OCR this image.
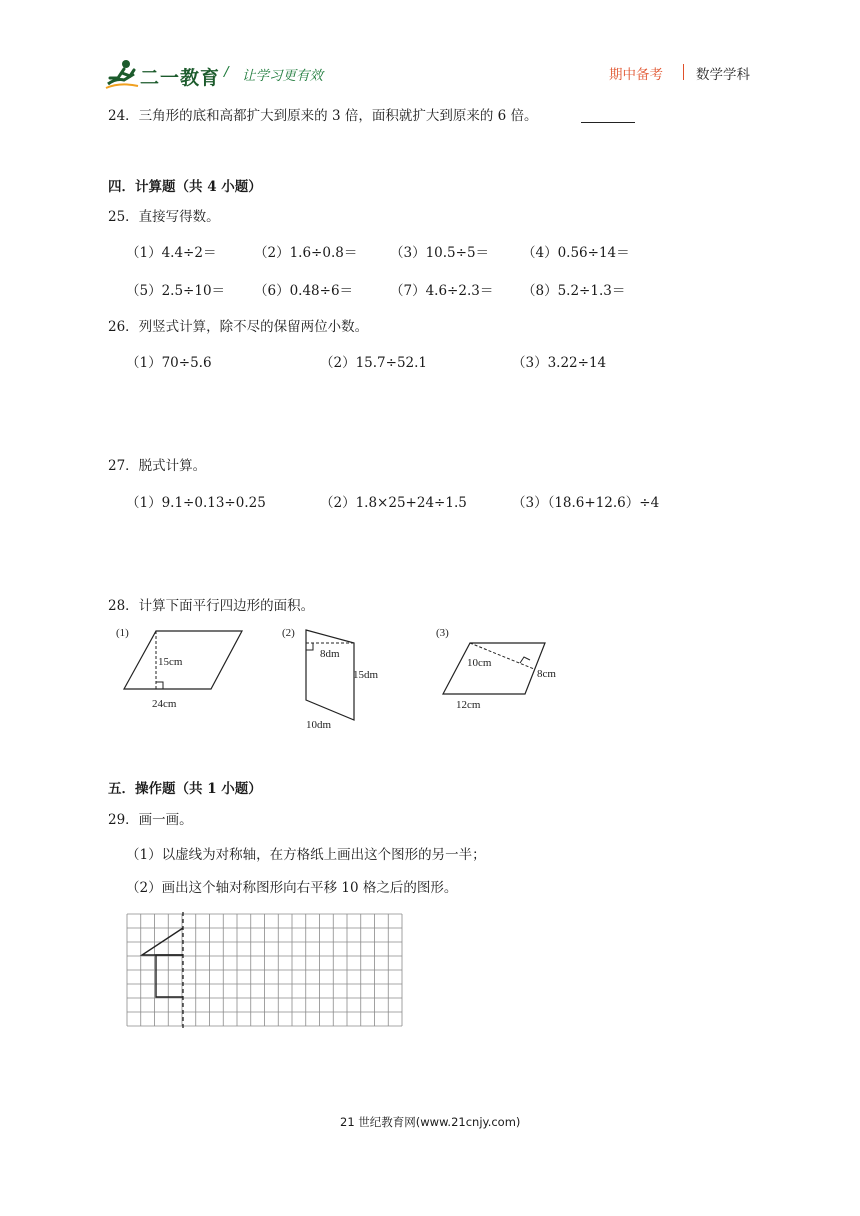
二一教育 / 让学习更有效	期中备考 数学学科
24．三角形的底和高都扩大到原来的 3 倍，面积就扩大到原来的 6 倍。
四．计算题（共 4 小题）
25．直接写得数。
（1）4.4÷2＝	（2）1.6÷0.8＝ （3）10.5÷5＝ （4）0.56÷14＝
（5）2.5÷10＝ （6）0.48÷6＝	（7）4.6÷2.3＝ （8）5.2÷1.3＝
26．列竖式计算，除不尽的保留两位小数。
（1）70÷5.6	（2）15.7÷52.1	（3）3.22÷14
27．脱式计算。
（1）9.1÷0.13÷0.25	（2）1.8×25+24÷1.5	（3）（18.6+12.6）÷4
28．计算下面平行四边形的面积。
(1)
15cm
24cm
(2)
8dm
15dm
10dm
(3)
10cm
8cm
12cm
五．操作题（共 1 小题）
29．画一画。
（1）以虚线为对称轴，在方格纸上画出这个图形的另一半；
（2）画出这个轴对称图形向右平移 10 格之后的图形。
21 世纪教育网(www.21cnjy.com)
